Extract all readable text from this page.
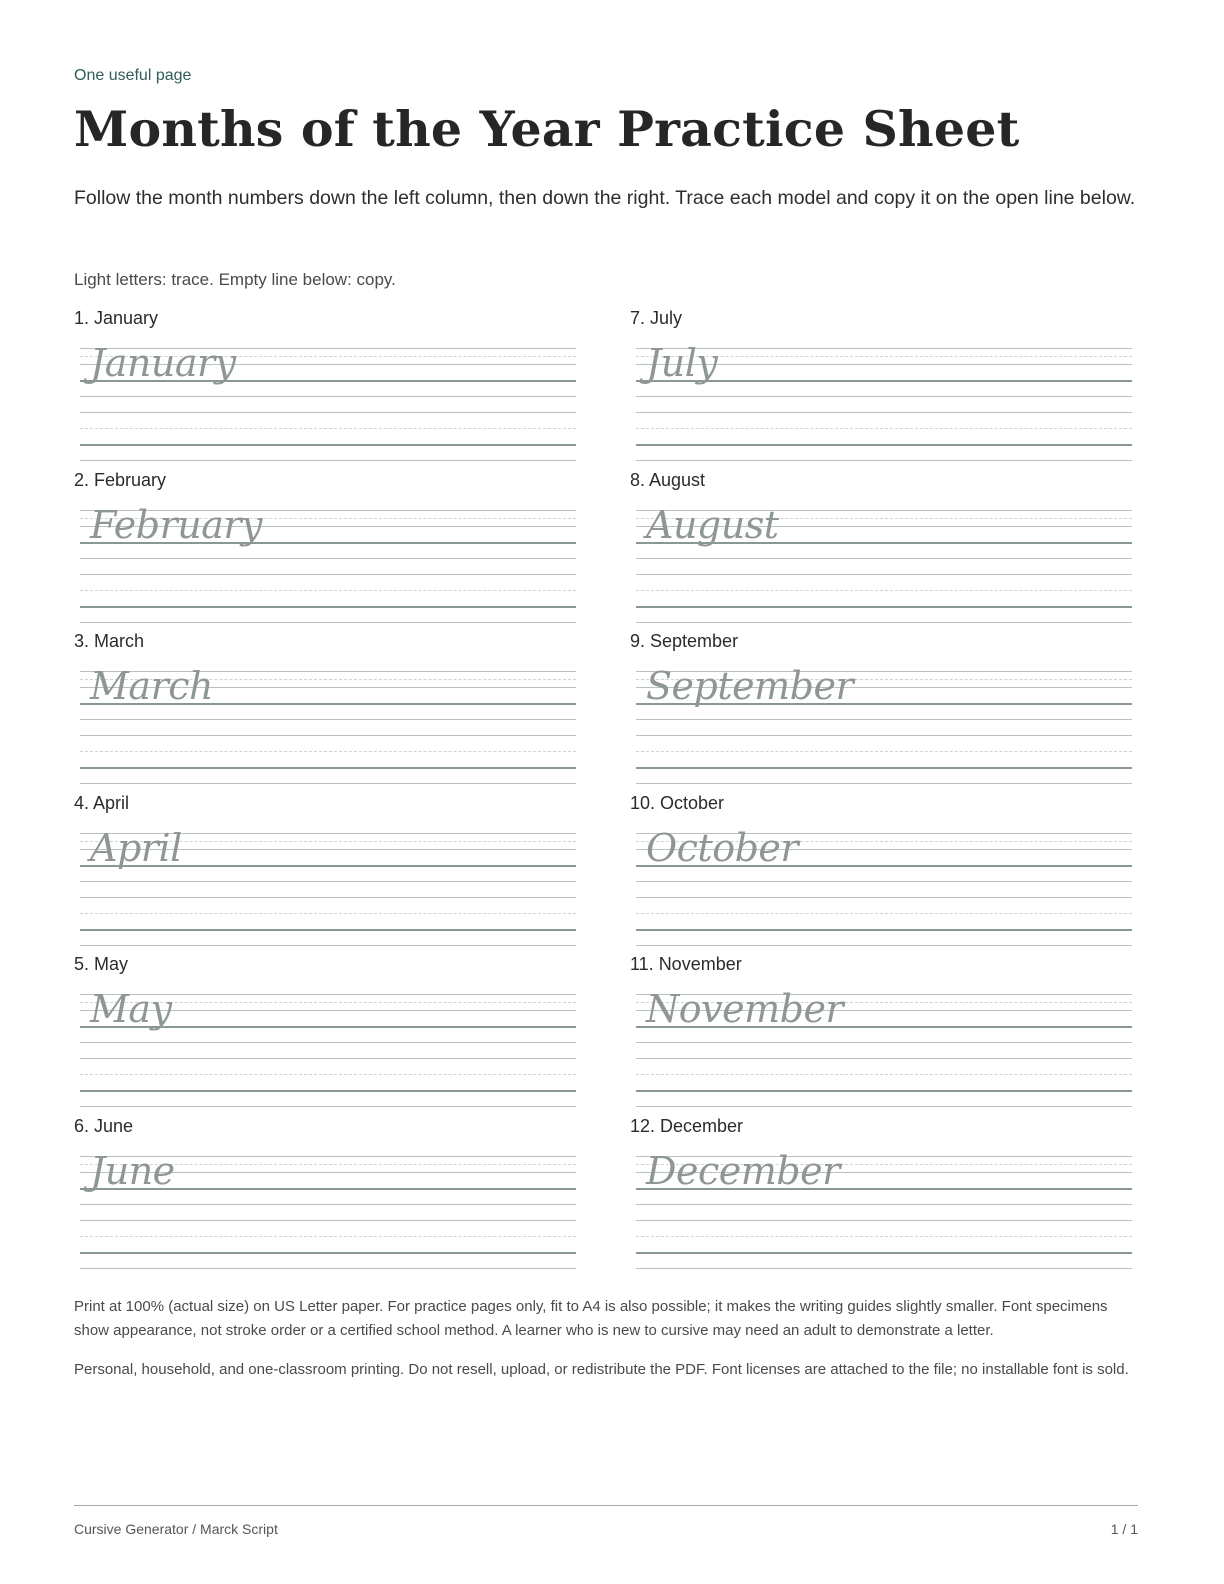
One useful page
Months of the Year Practice Sheet
Follow the month numbers down the left column, then down the right. Trace each model and copy it on the open line below.
Light letters: trace. Empty line below: copy.
1. January
January
2. February
February
3. March
March
4. April
April
5. May
May
6. June
June
7. July
July
8. August
August
9. September
September
10. October
October
11. November
November
12. December
December

Print at 100% (actual size) on US Letter paper. For practice pages only, fit to A4 is also possible; it makes the writing guides slightly smaller. Font specimens show appearance, not stroke order or a certified school method. A learner who is new to cursive may need an adult to demonstrate a letter.

Personal, household, and one-classroom printing. Do not resell, upload, or redistribute the PDF. Font licenses are attached to the file; no installable font is sold.

Cursive Generator / Marck Script	1 / 1
